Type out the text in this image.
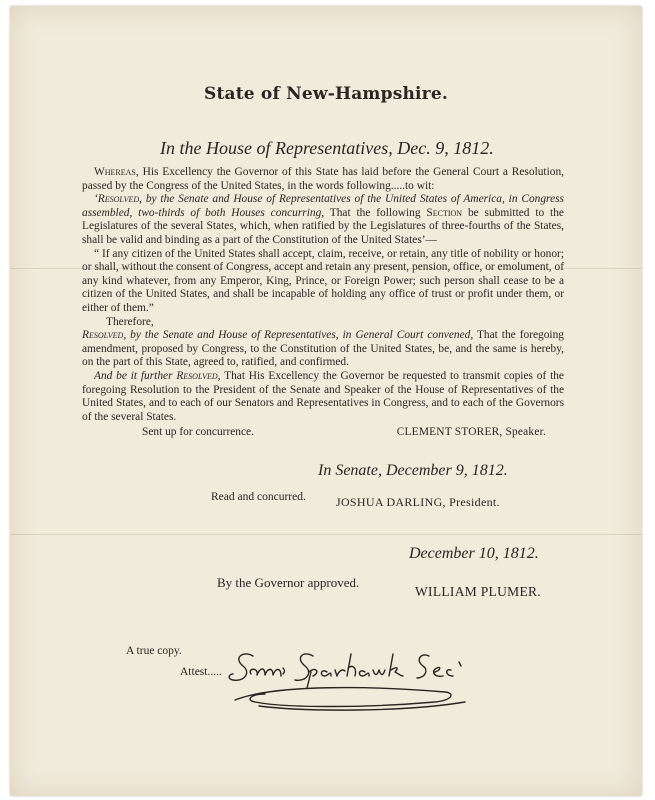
State of New-Hampshire.
In the House of Representatives, Dec. 9, 1812.

Whereas, His Excellency the Governor of this State has laid before the General Court a Resolution, passed by the Congress of the United States, in the words following.....to wit:

‘Resolved, by the Senate and House of Representatives of the United States of America, in Congress assembled, two-thirds of both Houses concurring, That the following Section be submitted to the Legislatures of the several States, which, when ratified by the Legislatures of three-fourths of the States, shall be valid and binding as a part of the Constitution of the United States’—

“ If any citizen of the United States shall accept, claim, receive, or retain, any title of nobility or honor; or shall, without the consent of Congress, accept and retain any present, pension, office, or emolument, of any kind whatever, from any Emperor, King, Prince, or Foreign Power; such person shall cease to be a citizen of the United States, and shall be incapable of holding any office of trust or profit under them, or either of them.”

Therefore,

Resolved, by the Senate and House of Representatives, in General Court convened, That the foregoing amendment, proposed by Congress, to the Constitution of the United States, be, and the same is hereby, on the part of this State, agreed to, ratified, and confirmed.

And be it further Resolved, That His Excellency the Governor be requested to transmit copies of the foregoing Resolution to the President of the Senate and Speaker of the House of Representatives of the United States, and to each of our Senators and Representatives in Congress, and to each of the Governors of the several States.

Sent up for concurrence.	CLEMENT STORER, Speaker.

In Senate, December 9, 1812.
Read and concurred.	JOSHUA DARLING, President.
December 10, 1812.
By the Governor approved.
WILLIAM PLUMER.
A true copy.
Attest.....
